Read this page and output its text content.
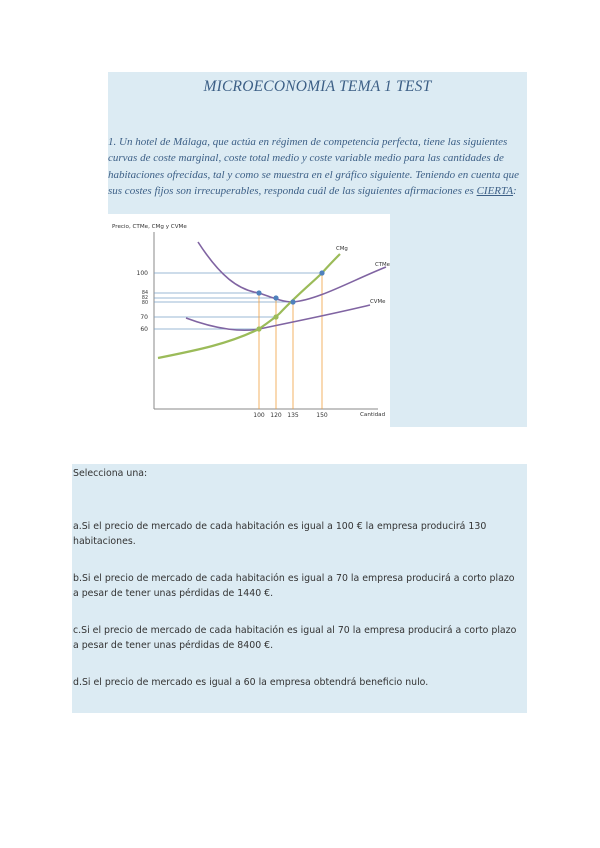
MICROECONOMIA TEMA 1 TEST
1. Un hotel de Málaga, que actúa en régimen de competencia perfecta, tiene las siguientes curvas de coste marginal, coste total medio y coste variable medio para las cantidades de habitaciones ofrecidas, tal y como se muestra en el gráfico siguiente. Teniendo en cuenta que sus costes fijos son irrecuperables, responda cuál de las siguientes afirmaciones es CIERTA:
Precio, CTMe, CMg y CVMe
Cantidad
CMg
CTMe
CVMe
100
84
82
80
70
60
100 120 135	150
Selecciona una:
a.Si el precio de mercado de cada habitación es igual a 100 € la empresa producirá 130 habitaciones.
b.Si el precio de mercado de cada habitación es igual a 70 la empresa producirá a corto plazo a pesar de tener unas pérdidas de 1440 €.
c.Si el precio de mercado de cada habitación es igual al 70 la empresa producirá a corto plazo a pesar de tener unas pérdidas de 8400 €.
d.Si el precio de mercado es igual a 60 la empresa obtendrá beneficio nulo.
